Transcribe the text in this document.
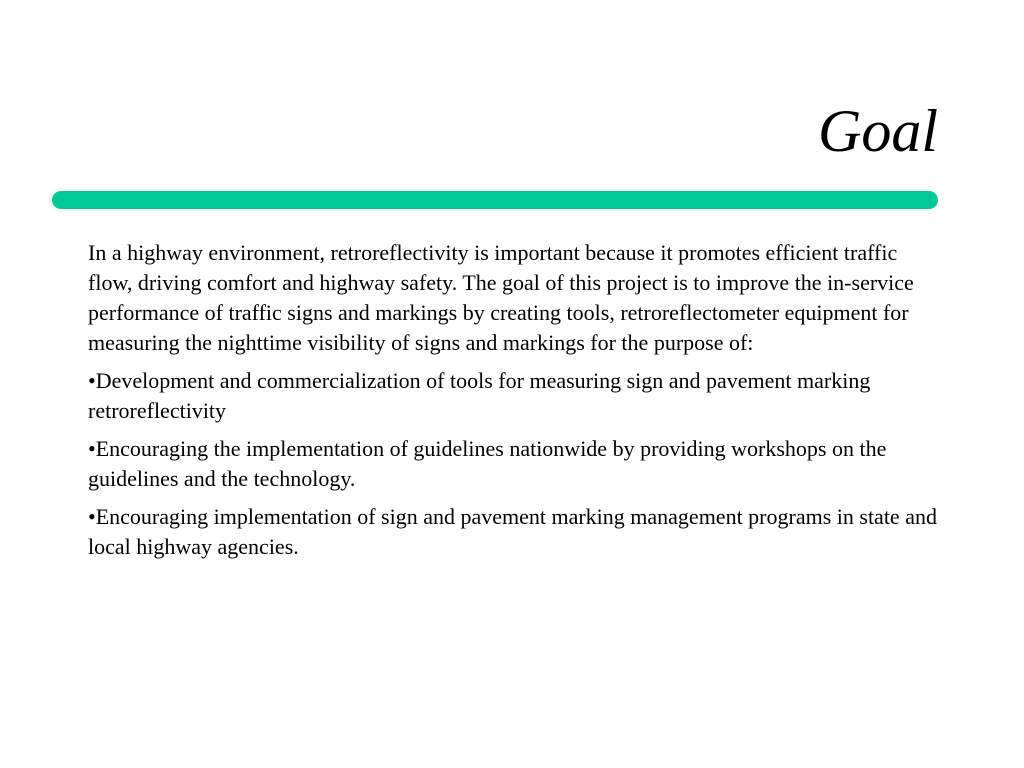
Goal

In a highway environment, retroreflectivity is important because it promotes efficient traffic flow, driving comfort and highway safety. The goal of this project is to improve the in-service performance of traffic signs and markings by creating tools, retroreflectometer equipment for measuring the nighttime visibility of signs and markings for the purpose of:

•Development and commercialization of tools for measuring sign and pavement marking retroreflectivity

•Encouraging the implementation of guidelines nationwide by providing workshops on the guidelines and the technology.

•Encouraging implementation of sign and pavement marking management programs in state and local highway agencies.
